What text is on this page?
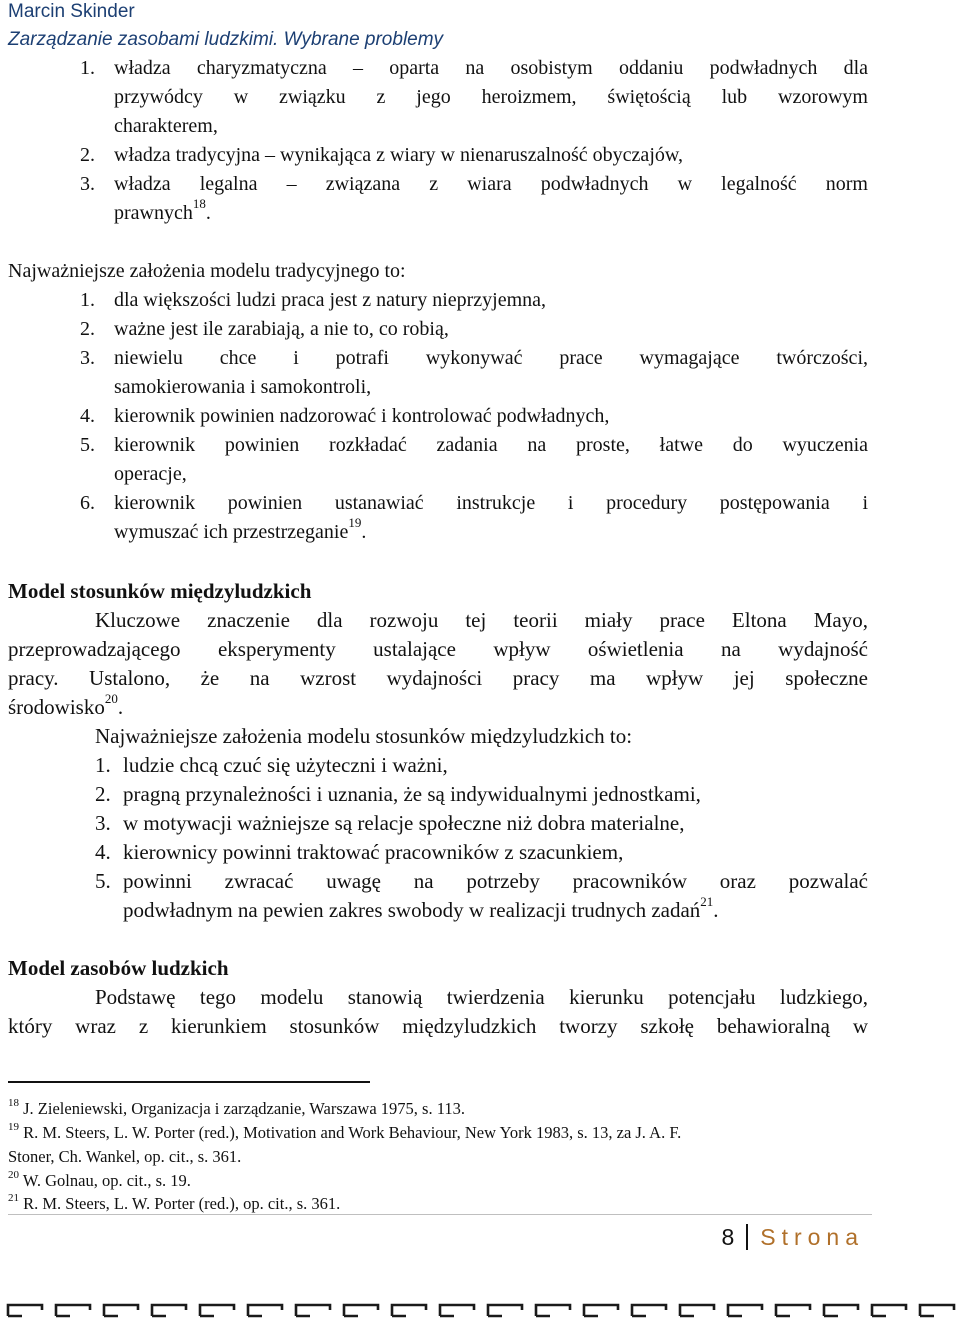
Marcin Skinder
Zarządzanie zasobami ludzkimi. Wybrane problemy
1. władza charyzmatyczna – oparta na osobistym oddaniu podwładnych dla
przywódcy w związku z jego heroizmem, świętością lub wzorowym
charakterem,
2. władza tradycyjna – wynikająca z wiary w nienaruszalność obyczajów,
3. władza legalna – związana z wiara podwładnych w legalność norm
prawnych$^{18}$.
Najważniejsze założenia modelu tradycyjnego to:
1. dla większości ludzi praca jest z natury nieprzyjemna,
2. ważne jest ile zarabiają, a nie to, co robią,
3. niewielu chce i potrafi wykonywać prace wymagające twórczości,
samokierowania i samokontroli,
4. kierownik powinien nadzorować i kontrolować podwładnych,
5. kierownik powinien rozkładać zadania na proste, łatwe do wyuczenia
operacje,
6. kierownik powinien ustanawiać instrukcje i procedury postępowania i
wymuszać ich przestrzeganie$^{19}$.
Model stosunków międzyludzkich
Kluczowe znaczenie dla rozwoju tej teorii miały prace Eltona Mayo,
przeprowadzającego eksperymenty ustalające wpływ oświetlenia na wydajność
pracy. Ustalono, że na wzrost wydajności pracy ma wpływ jej społeczne
środowisko$^{20}$.
Najważniejsze założenia modelu stosunków międzyludzkich to:
1. ludzie chcą czuć się użyteczni i ważni,
2. pragną przynależności i uznania, że są indywidualnymi jednostkami,
3. w motywacji ważniejsze są relacje społeczne niż dobra materialne,
4. kierownicy powinni traktować pracowników z szacunkiem,
5. powinni zwracać uwagę na potrzeby pracowników oraz pozwalać
podwładnym na pewien zakres swobody w realizacji trudnych zadań$^{21}$.
Model zasobów ludzkich
Podstawę tego modelu stanowią twierdzenia kierunku potencjału ludzkiego,
który wraz z kierunkiem stosunków międzyludzkich tworzy szkołę behawioralną w
$^{18}$ J. Zieleniewski, Organizacja i zarządzanie, Warszawa 1975, s. 113.
$^{19}$ R. M. Steers, L. W. Porter (red.), Motivation and Work Behaviour, New York 1983, s. 13, za J. A. F.
Stoner, Ch. Wankel, op. cit., s. 361.
$^{20}$ W. Golnau, op. cit., s. 19.
$^{21}$ R. M. Steers, L. W. Porter (red.), op. cit., s. 361.
8 Strona
